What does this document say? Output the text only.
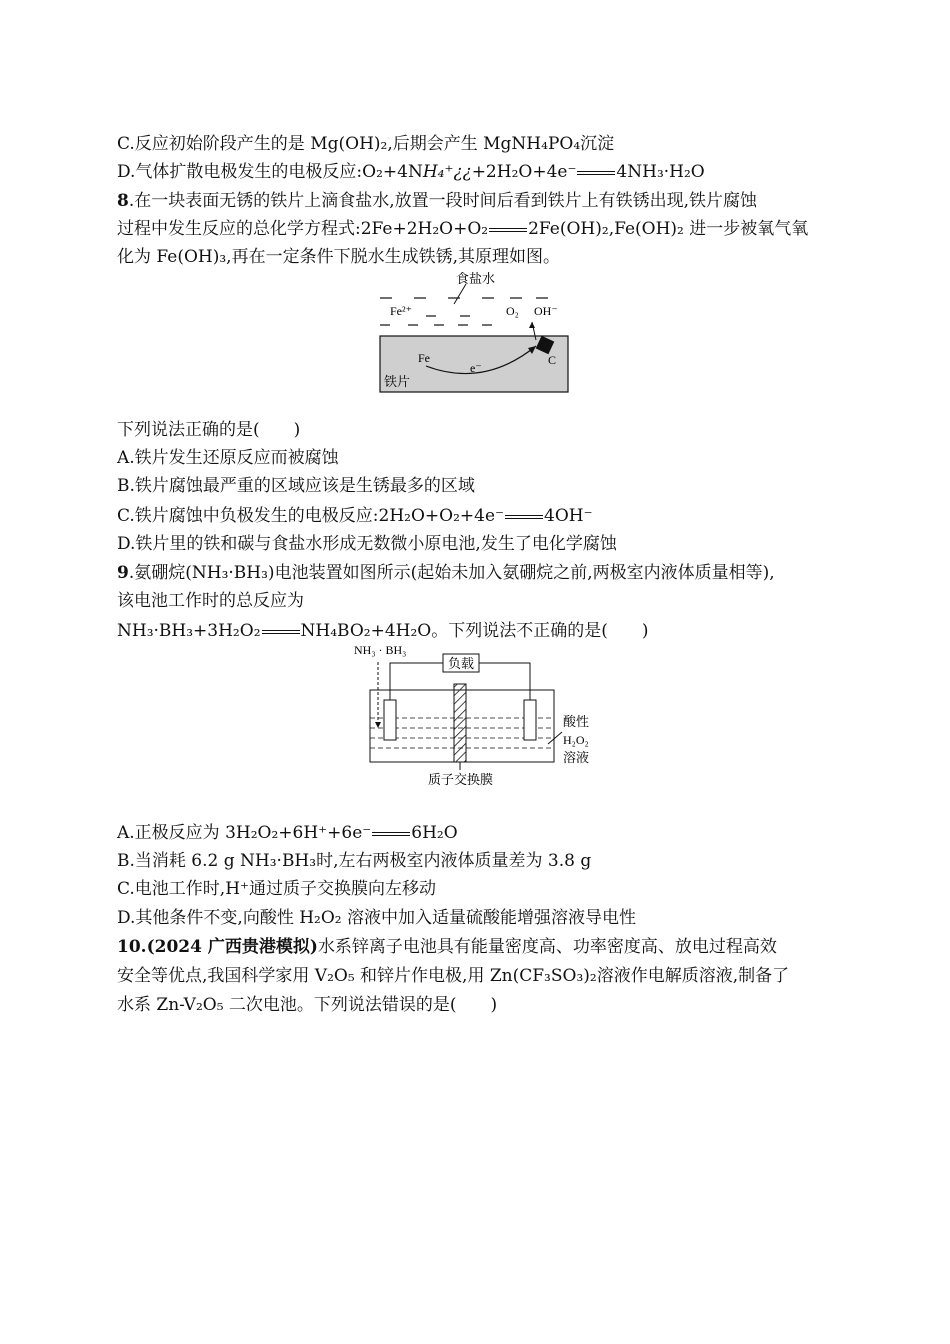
C.反应初始阶段产生的是 Mg(OH)₂,后期会产生 MgNH₄PO₄沉淀
D.气体扩散电极发生的电极反应:O₂+4NH₄⁺¿¿+2H₂O+4e⁻ 4NH₃·H₂O
8.在一块表面无锈的铁片上滴食盐水,放置一段时间后看到铁片上有铁锈出现,铁片腐蚀
过程中发生反应的总化学方程式:2Fe+2H₂O+O₂ 2Fe(OH)₂,Fe(OH)₂ 进一步被氧气氧
化为 Fe(OH)₃,再在一定条件下脱水生成铁锈,其原理如图。
食盐水
Fe²⁺	O₂ OH⁻
Fe
e⁻
C
铁片
下列说法正确的是(　　)
A.铁片发生还原反应而被腐蚀
B.铁片腐蚀最严重的区域应该是生锈最多的区域
C.铁片腐蚀中负极发生的电极反应:2H₂O+O₂+4e⁻ 4OH⁻
D.铁片里的铁和碳与食盐水形成无数微小原电池,发生了电化学腐蚀
9.氨硼烷(NH₃·BH₃)电池装置如图所示(起始未加入氨硼烷之前,两极室内液体质量相等),
该电池工作时的总反应为
NH₃·BH₃+3H₂O₂ NH₄BO₂+4H₂O。下列说法不正确的是(　　)
NH₃ · BH₃
负载
质子交换膜
酸性
H₂O₂
溶液
A.正极反应为 3H₂O₂+6H⁺+6e⁻ 6H₂O
B.当消耗 6.2 g NH₃·BH₃时,左右两极室内液体质量差为 3.8 g
C.电池工作时,H⁺通过质子交换膜向左移动
D.其他条件不变,向酸性 H₂O₂ 溶液中加入适量硫酸能增强溶液导电性
10.(2024 广西贵港模拟)水系锌离子电池具有能量密度高、功率密度高、放电过程高效
安全等优点,我国科学家用 V₂O₅ 和锌片作电极,用 Zn(CF₃SO₃)₂溶液作电解质溶液,制备了
水系 Zn-V₂O₅ 二次电池。下列说法错误的是(　　)
